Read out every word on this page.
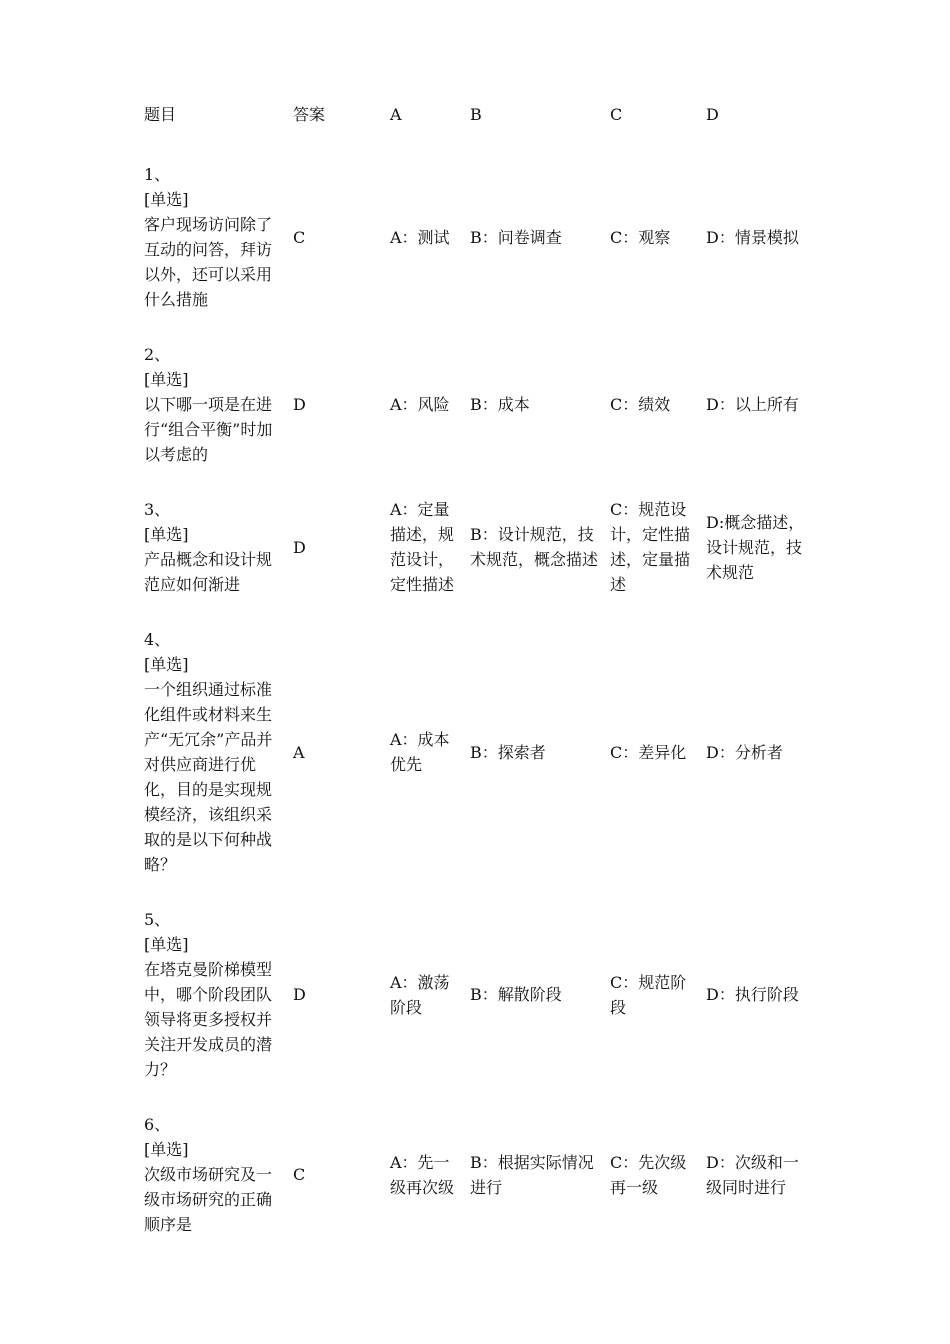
题目	答案	A	B	C	D

1、
[单选]
客户现场访问除了互动的问答，拜访以外，还可以采用什么措施	C	A：测试	B：问卷调查	C：观察	D：情景模拟

2、
[单选]
以下哪一项是在进行“组合平衡”时加以考虑的	D	A：风险	B：成本	C：绩效	D：以上所有

3、
[单选]
产品概念和设计规范应如何渐进	D	A：定量描述，规范设计，定性描述	B：设计规范，技术规范，概念描述	C：规范设计，定性描述，定量描述	D:概念描述，设计规范，技术规范

4、
[单选]
一个组织通过标准化组件或材料来生产“无冗余”产品并对供应商进行优化，目的是实现规模经济，该组织采取的是以下何种战略？	A	A：成本优先	B：探索者	C：差异化	D：分析者

5、
[单选]
在塔克曼阶梯模型中，哪个阶段团队领导将更多授权并关注开发成员的潜力？	D	A：激荡阶段	B：解散阶段	C：规范阶段	D：执行阶段

6、
[单选]
次级市场研究及一级市场研究的正确顺序是	C	A：先一级再次级	B：根据实际情况进行	C：先次级再一级	D：次级和一级同时进行
